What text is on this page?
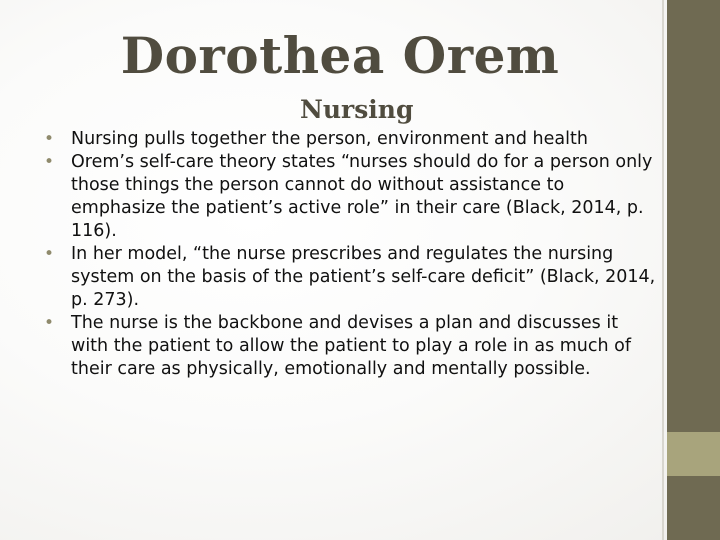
Dorothea Orem
Nursing
• Nursing pulls together the person, environment and health
• Orem’s self-care theory states “nurses should do for a person only those things the person cannot do without assistance to emphasize the patient’s active role” in their care (Black, 2014, p. 116).
• In her model, “the nurse prescribes and regulates the nursing system on the basis of the patient’s self-care deficit” (Black, 2014, p. 273).
• The nurse is the backbone and devises a plan and discusses it with the patient to allow the patient to play a role in as much of their care as physically, emotionally and mentally possible.
